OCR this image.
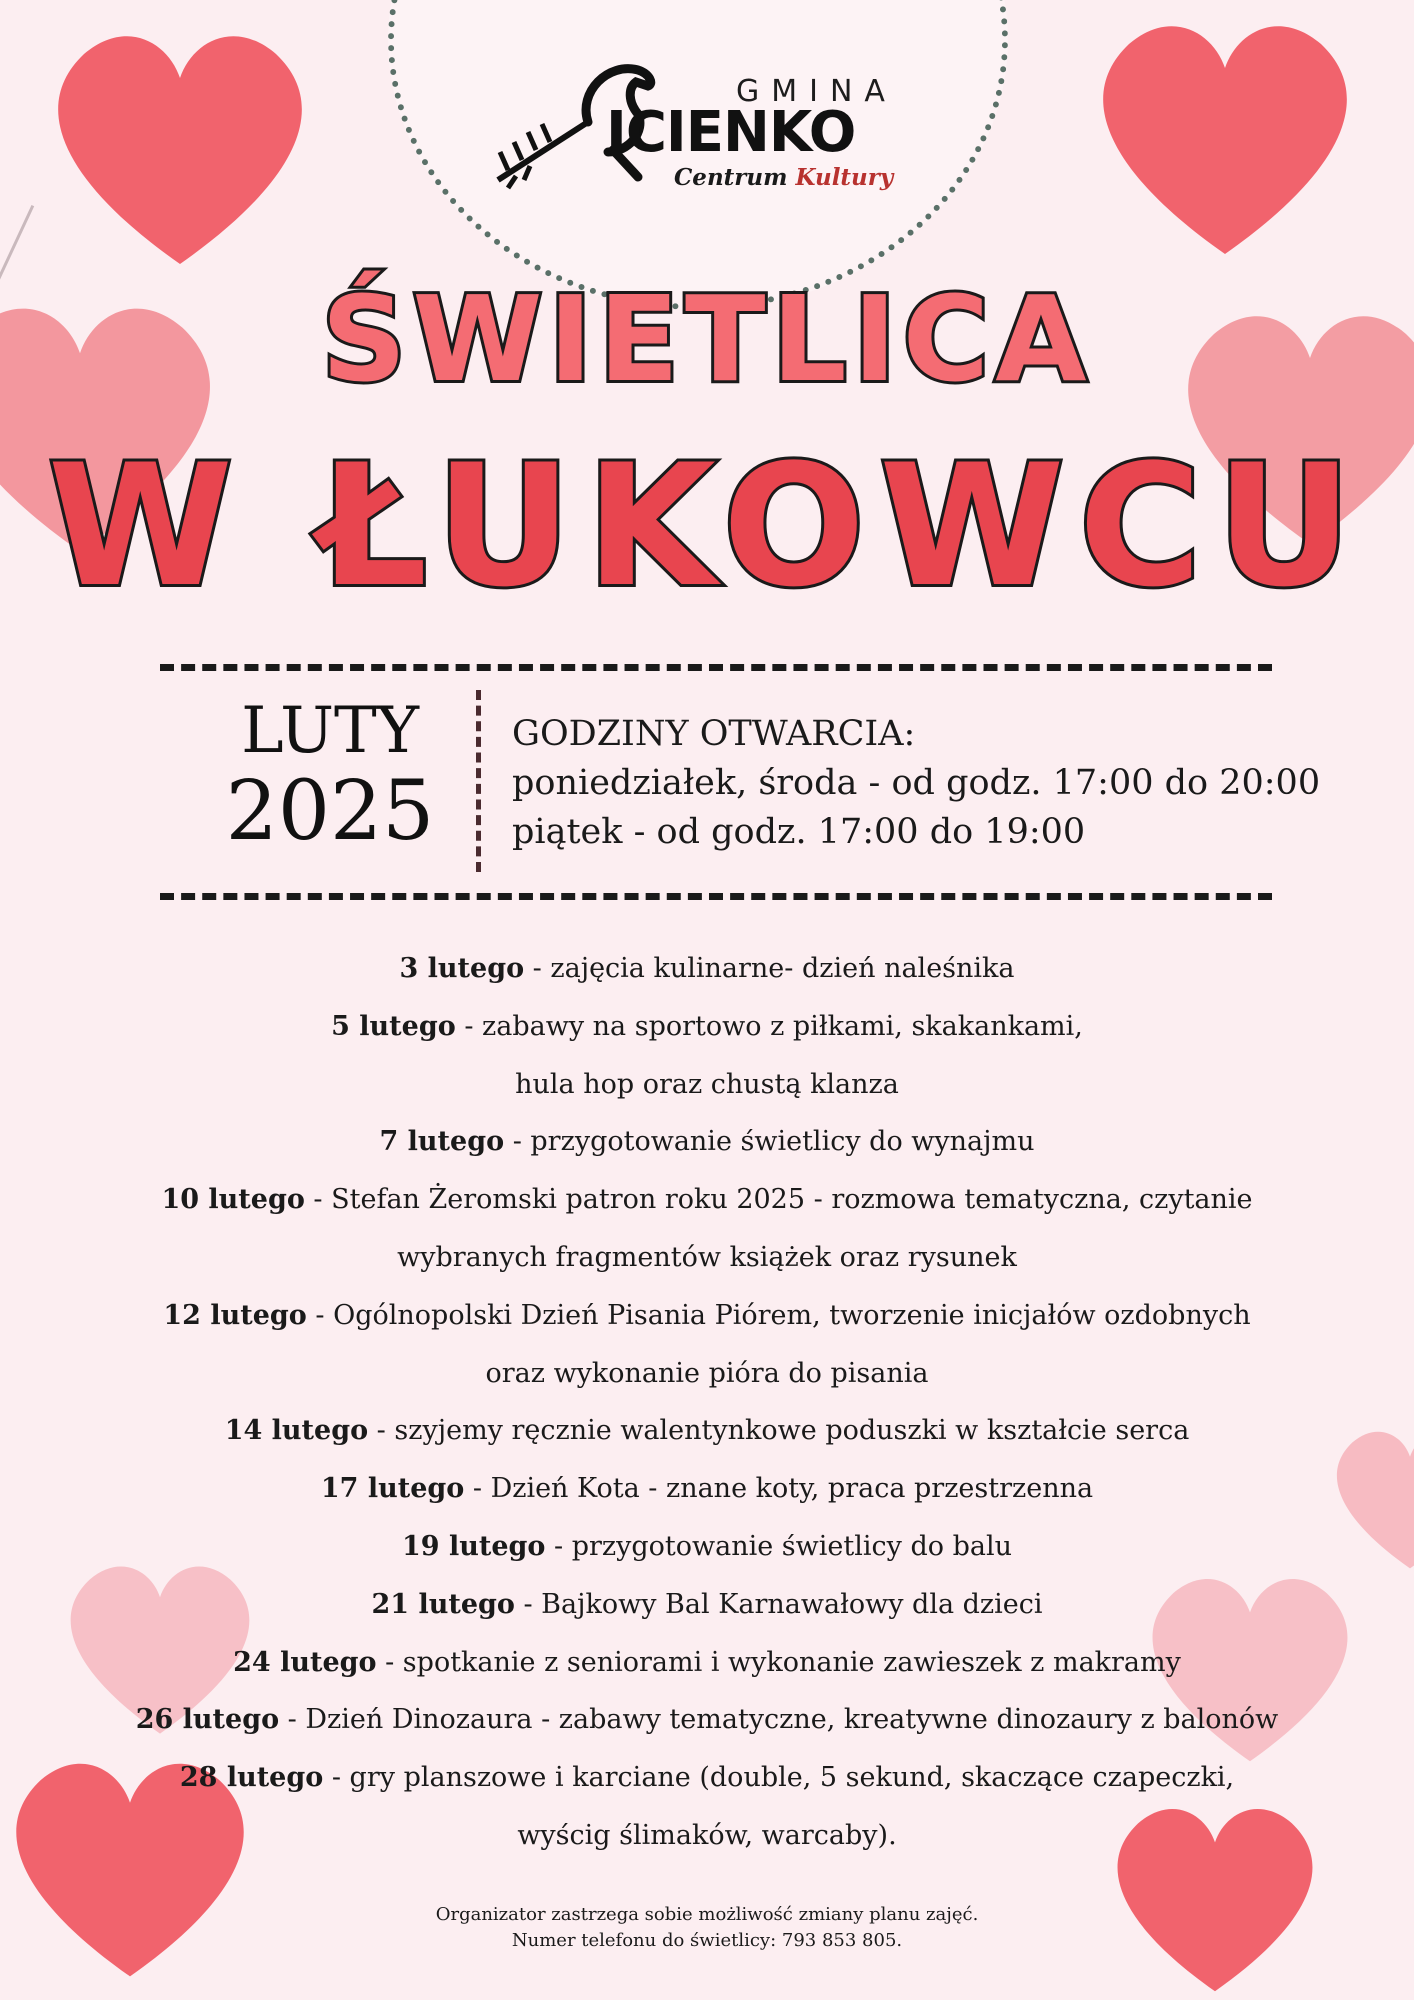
GMINA
ICIENKO
Centrum Kultury
ŚWIETLICA
W ŁUKOWCU
LUTY
2025
GODZINY OTWARCIA:
poniedziałek, środa - od godz. 17:00 do 20:00
piątek - od godz. 17:00 do 19:00
3 lutego - zajęcia kulinarne- dzień naleśnika
5 lutego - zabawy na sportowo z piłkami, skakankami,
hula hop oraz chustą klanza
7 lutego - przygotowanie świetlicy do wynajmu
10 lutego - Stefan Żeromski patron roku 2025 - rozmowa tematyczna, czytanie
wybranych fragmentów książek oraz rysunek
12 lutego - Ogólnopolski Dzień Pisania Piórem, tworzenie inicjałów ozdobnych
oraz wykonanie pióra do pisania
14 lutego - szyjemy ręcznie walentynkowe poduszki w kształcie serca
17 lutego - Dzień Kota - znane koty, praca przestrzenna
19 lutego - przygotowanie świetlicy do balu
21 lutego - Bajkowy Bal Karnawałowy dla dzieci
24 lutego - spotkanie z seniorami i wykonanie zawieszek z makramy
26 lutego - Dzień Dinozaura - zabawy tematyczne, kreatywne dinozaury z balonów
28 lutego - gry planszowe i karciane (double, 5 sekund, skaczące czapeczki,
wyścig ślimaków, warcaby).
Organizator zastrzega sobie możliwość zmiany planu zajęć.
Numer telefonu do świetlicy: 793 853 805.
